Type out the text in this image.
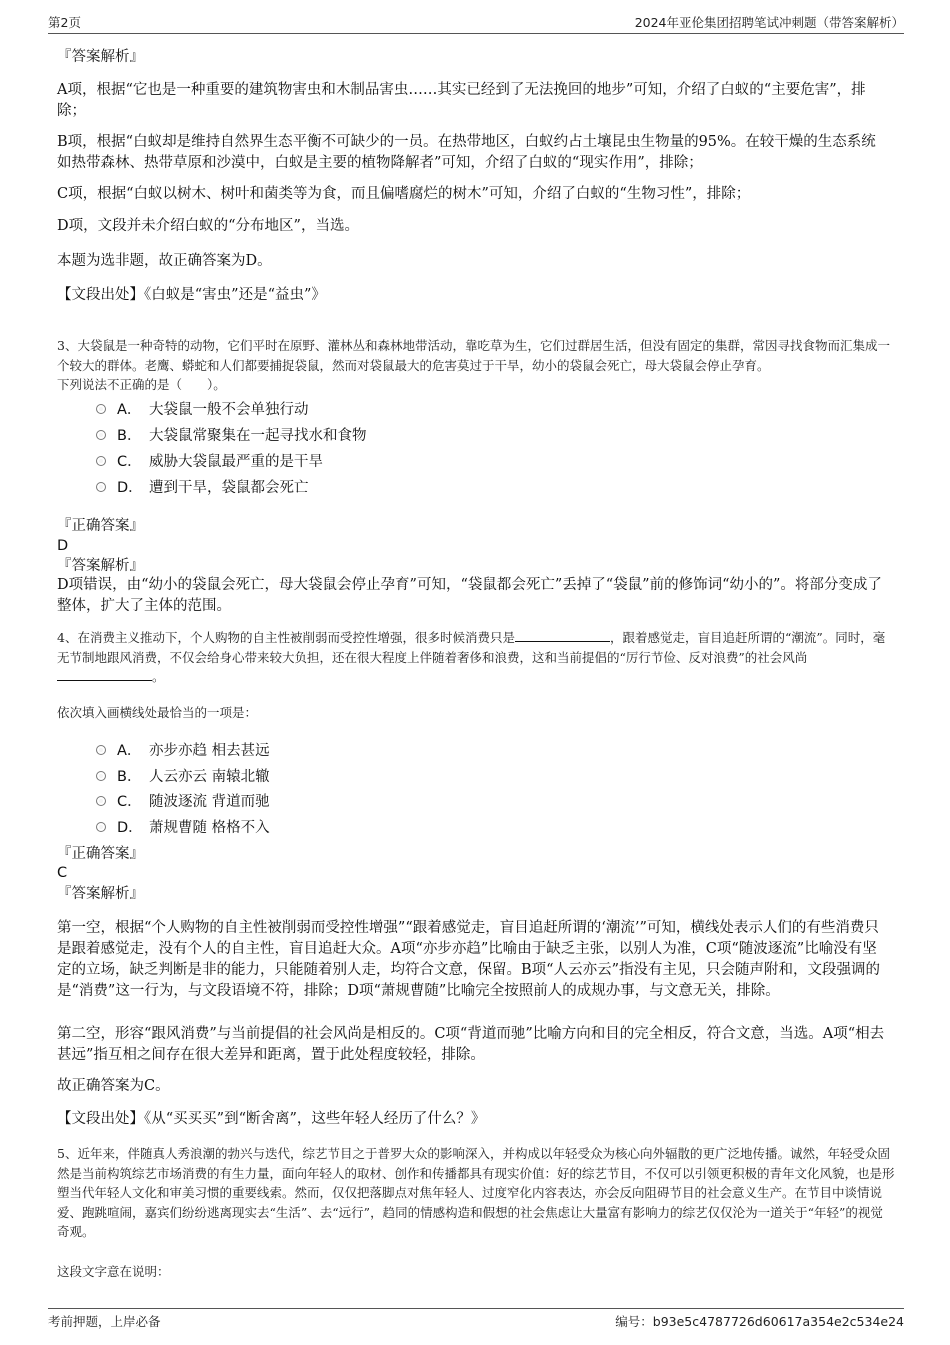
第2页	2024年亚伦集团招聘笔试冲刺题（带答案解析）
『答案解析』
A项，根据“它也是一种重要的建筑物害虫和木制品害虫……其实已经到了无法挽回的地步”可知，介绍了白蚁的“主要危害”，排除；
B项，根据“白蚁却是维持自然界生态平衡不可缺少的一员。在热带地区，白蚁约占土壤昆虫生物量的95%。在较干燥的生态系统如热带森林、热带草原和沙漠中，白蚁是主要的植物降解者”可知，介绍了白蚁的“现实作用”，排除；
C项，根据“白蚁以树木、树叶和菌类等为食，而且偏嗜腐烂的树木”可知，介绍了白蚁的“生物习性”，排除；
D项，文段并未介绍白蚁的“分布地区”，当选。
本题为选非题，故正确答案为D。
【文段出处】《白蚁是“害虫”还是“益虫”》
3、大袋鼠是一种奇特的动物，它们平时在原野、灌林丛和森林地带活动，靠吃草为生，它们过群居生活，但没有固定的集群，常因寻找食物而汇集成一个较大的群体。老鹰、蟒蛇和人们都要捕捉袋鼠，然而对袋鼠最大的危害莫过于干旱，幼小的袋鼠会死亡，母大袋鼠会停止孕育。
下列说法不正确的是（　　）。
A． 大袋鼠一般不会单独行动
B． 大袋鼠常聚集在一起寻找水和食物
C． 威胁大袋鼠最严重的是干旱
D． 遭到干旱，袋鼠都会死亡
『正确答案』
D
『答案解析』
D项错误，由“幼小的袋鼠会死亡，母大袋鼠会停止孕育”可知，“袋鼠都会死亡”丢掉了“袋鼠”前的修饰词“幼小的”。将部分变成了整体，扩大了主体的范围。
4、在消费主义推动下，个人购物的自主性被削弱而受控性增强，很多时候消费只是	，跟着感觉走，盲目追赶所谓的“潮流”。同时，毫无节制地跟风消费，不仅会给身心带来较大负担，还在很大程度上伴随着奢侈和浪费，这和当前提倡的“厉行节俭、反对浪费”的社会风尚。
依次填入画横线处最恰当的一项是：
A． 亦步亦趋 相去甚远
B． 人云亦云 南辕北辙
C． 随波逐流 背道而驰
D． 萧规曹随 格格不入
『正确答案』
C
『答案解析』
第一空，根据“个人购物的自主性被削弱而受控性增强”“跟着感觉走，盲目追赶所谓的‘潮流’”可知，横线处表示人们的有些消费只是跟着感觉走，没有个人的自主性，盲目追赶大众。A项“亦步亦趋”比喻由于缺乏主张，以别人为准，C项“随波逐流”比喻没有坚定的立场，缺乏判断是非的能力，只能随着别人走，均符合文意，保留。B项“人云亦云”指没有主见，只会随声附和，文段强调的是“消费”这一行为，与文段语境不符，排除；D项“萧规曹随”比喻完全按照前人的成规办事，与文意无关，排除。
第二空，形容“跟风消费”与当前提倡的社会风尚是相反的。C项“背道而驰”比喻方向和目的完全相反，符合文意，当选。A项“相去甚远”指互相之间存在很大差异和距离，置于此处程度较轻，排除。
故正确答案为C。
【文段出处】《从“买买买”到“断舍离”，这些年轻人经历了什么？》
5、近年来，伴随真人秀浪潮的勃兴与迭代，综艺节目之于普罗大众的影响深入，并构成以年轻受众为核心向外辐散的更广泛地传播。诚然，年轻受众固然是当前构筑综艺市场消费的有生力量，面向年轻人的取材、创作和传播都具有现实价值：好的综艺节目，不仅可以引领更积极的青年文化风貌，也是形塑当代年轻人文化和审美习惯的重要线索。然而，仅仅把落脚点对焦年轻人、过度窄化内容表达，亦会反向阻碍节目的社会意义生产。在节目中谈情说爱、跑跳喧闹，嘉宾们纷纷逃离现实去“生活”、去“远行”，趋同的情感构造和假想的社会焦虑让大量富有影响力的综艺仅仅沦为一道关于“年轻”的视觉奇观。
这段文字意在说明：
考前押题，上岸必备	编号：b93e5c4787726d60617a354e2c534e24
